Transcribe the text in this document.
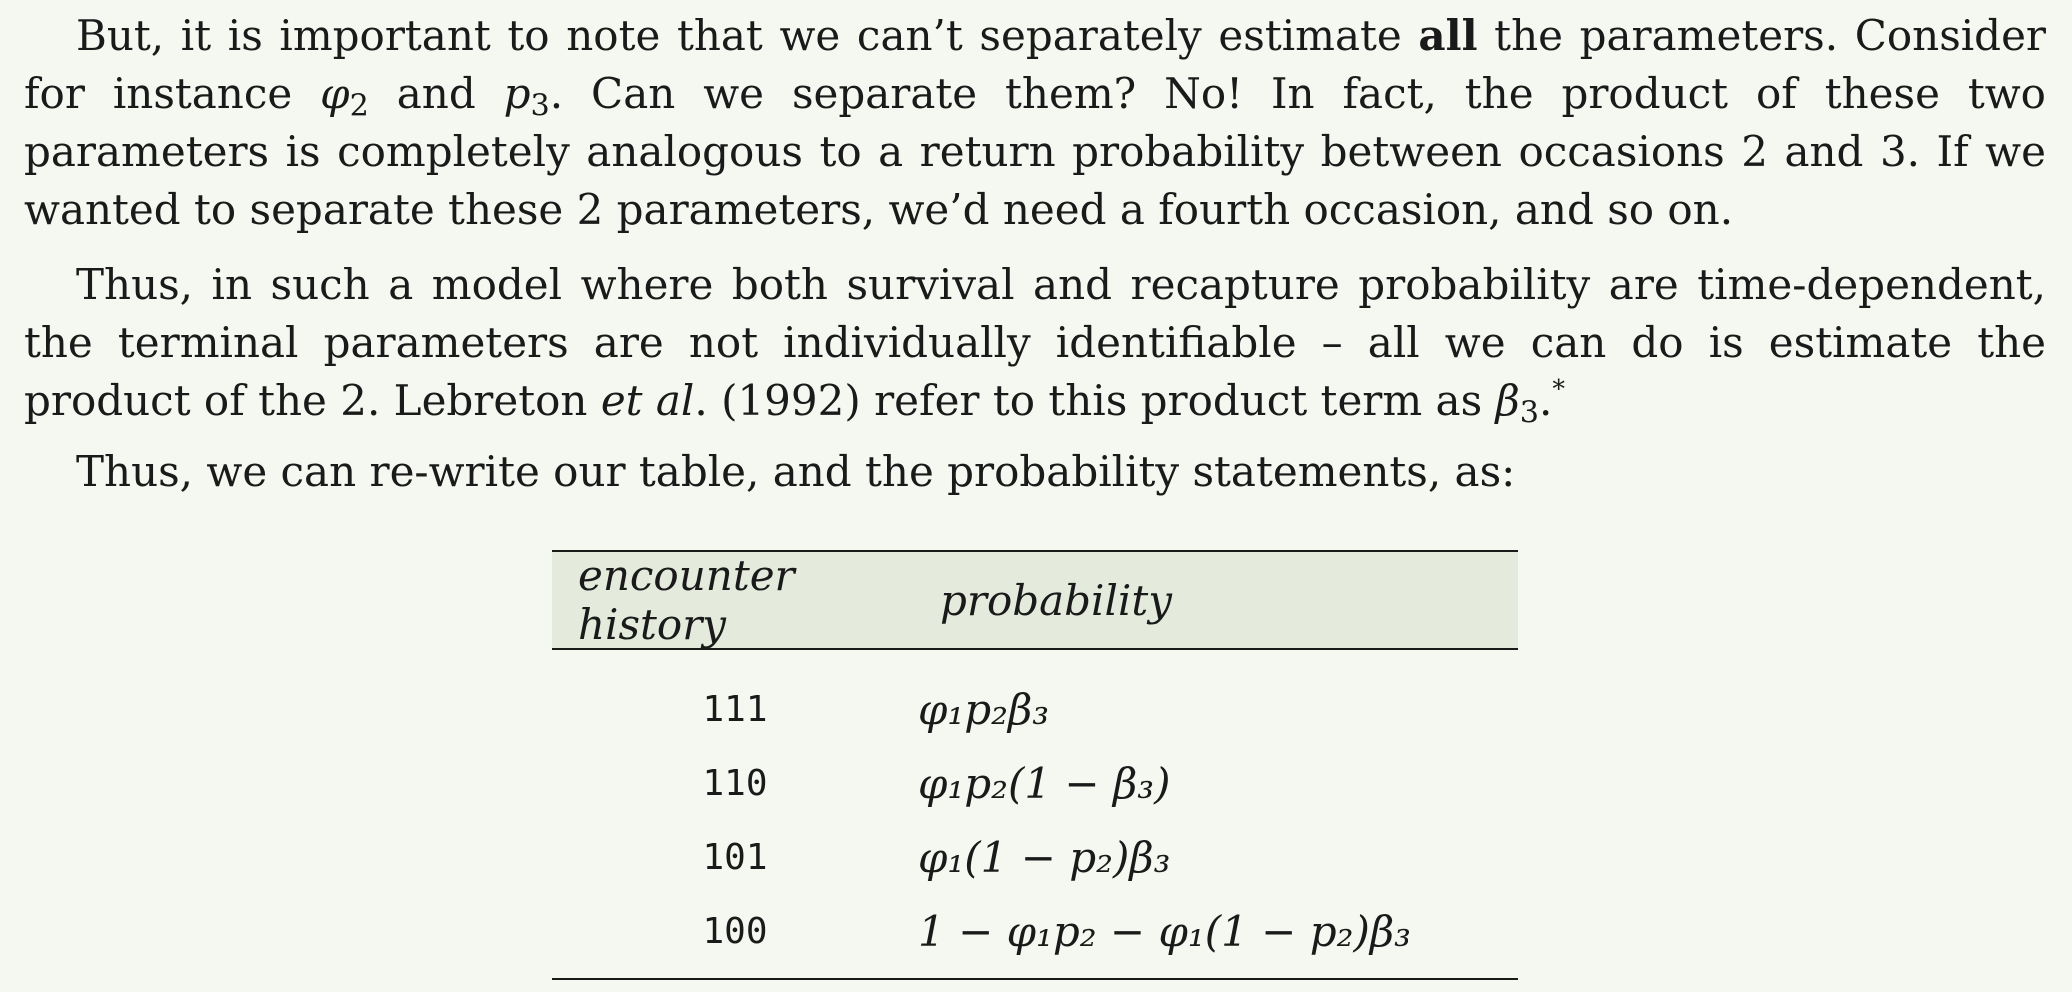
But, it is important to note that we can’t separately estimate all the parameters. Consider for instance $\varphi_2$ and $p_3$. Can we separate them? No! In fact, the product of these two parameters is completely analogous to a return probability between occasions 2 and 3. If we wanted to separate these 2 parameters, we’d need a fourth occasion, and so on.

Thus, in such a model where both survival and recapture probability are time-dependent, the terminal parameters are not individually identifiable – all we can do is estimate the product of the 2. Lebreton et al. (1992) refer to this product term as $\beta_3.^*$

Thus, we can re-write our table, and the probability statements, as:

encounter history	probability
111	φ₁p₂β₃
110	φ₁p₂(1 − β₃)
101	φ₁(1 − p₂)β₃
100	1 − φ₁p₂ − φ₁(1 − p₂)β₃
